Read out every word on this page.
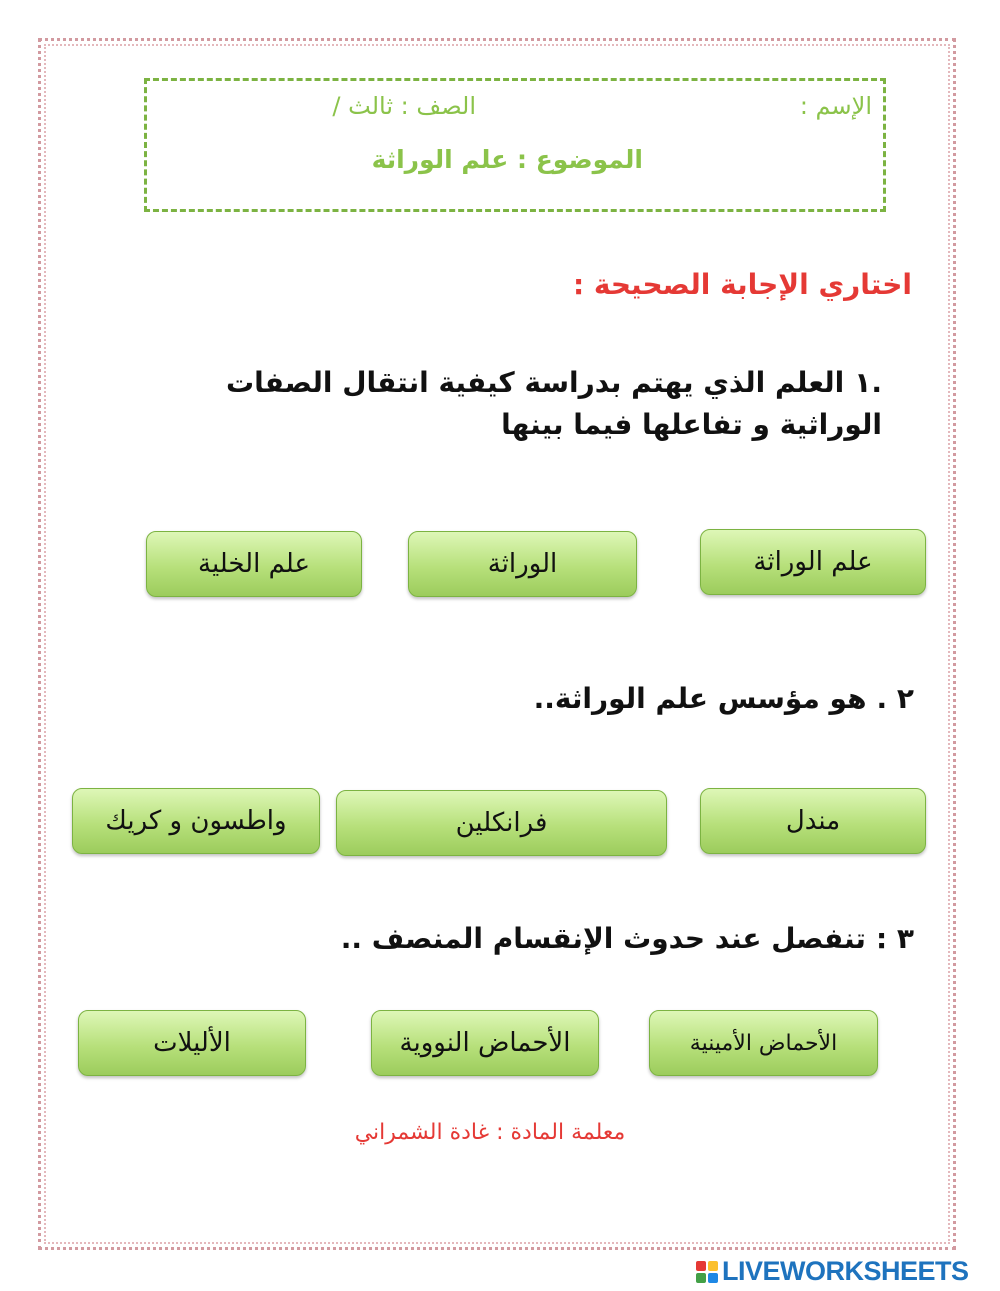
الإسم :
الصف : ثالث /
الموضوع : علم الوراثة
اختاري الإجابة الصحيحة :
.١العلم الذي يهتم بدراسة كيفية انتقال الصفات
الوراثية و تفاعلها فيما بينها
علم الوراثة
الوراثة
علم الخلية
٢ .هو مؤسس علم الوراثة..
مندل
فرانكلين
واطسون و كريك
٣ :تنفصل عند حدوث الإنقسام المنصف ..
الأحماض الأمينية
الأحماض النووية
الأليلات
معلمة المادة : غادة الشمراني
LIVEWORKSHEETS
